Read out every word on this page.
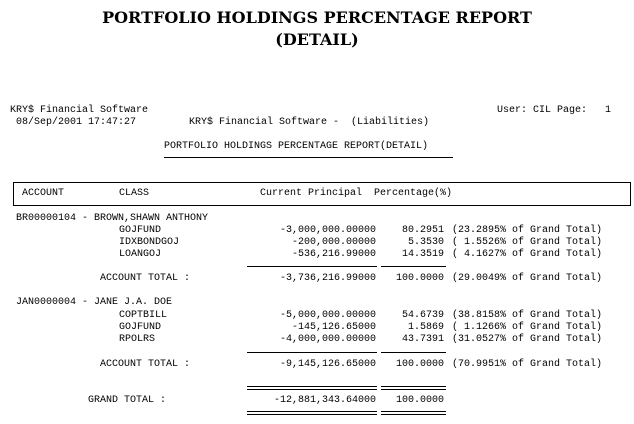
PORTFOLIO HOLDINGS PERCENTAGE REPORT
(DETAIL)
KRY$ Financial Software	User: CIL Page:   1
08/Sep/2001 17:47:27	KRY$ Financial Software -  (Liabilities)
PORTFOLIO HOLDINGS PERCENTAGE REPORT(DETAIL)
ACCOUNT	CLASS	Current Principal Percentage(%)
BR00000104 - BROWN,SHAWN ANTHONY
GOJFUND	-3,000,000.00000	80.2951 (23.2895% of Grand Total)
IDXBONDGOJ	-200,000.00000	5.3530 ( 1.5526% of Grand Total)
LOANGOJ	-536,216.99000	14.3519 ( 4.1627% of Grand Total)
ACCOUNT TOTAL :	-3,736,216.99000	100.0000 (29.0049% of Grand Total)
JAN0000004 - JANE J.A. DOE
COPTBILL	-5,000,000.00000	54.6739 (38.8158% of Grand Total)
GOJFUND	-145,126.65000	1.5869 ( 1.1266% of Grand Total)
RPOLRS	-4,000,000.00000	43.7391 (31.0527% of Grand Total)
ACCOUNT TOTAL :	-9,145,126.65000	100.0000 (70.9951% of Grand Total)
GRAND TOTAL :	-12,881,343.64000	100.0000
